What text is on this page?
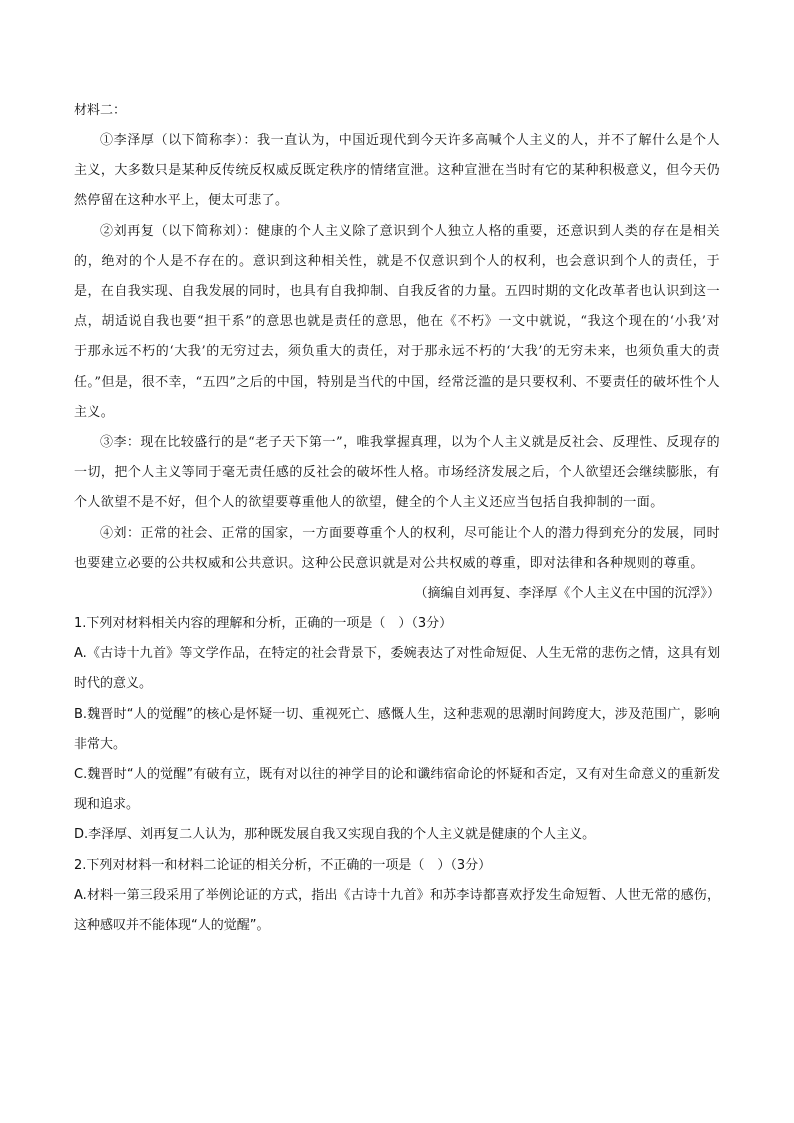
材料二：

①李泽厚（以下简称李）：我一直认为，中国近现代到今天许多高喊个人主义的人，并不了解什么是个人主义，大多数只是某种反传统反权威反既定秩序的情绪宣泄。这种宣泄在当时有它的某种积极意义，但今天仍然停留在这种水平上，便太可悲了。

②刘再复（以下简称刘）：健康的个人主义除了意识到个人独立人格的重要，还意识到人类的存在是相关的，绝对的个人是不存在的。意识到这种相关性，就是不仅意识到个人的权利，也会意识到个人的责任，于是，在自我实现、自我发展的同时，也具有自我抑制、自我反省的力量。五四时期的文化改革者也认识到这一点，胡适说自我也要“担干系”的意思也就是责任的意思，他在《不朽》一文中就说，“我这个现在的‘小我’对于那永远不朽的‘大我’的无穷过去，须负重大的责任，对于那永远不朽的‘大我’的无穷未来，也须负重大的责任。”但是，很不幸，“五四”之后的中国，特别是当代的中国，经常泛滥的是只要权利、不要责任的破坏性个人主义。

③李：现在比较盛行的是“老子天下第一”，唯我掌握真理，以为个人主义就是反社会、反理性、反现存的一切，把个人主义等同于毫无责任感的反社会的破坏性人格。市场经济发展之后，个人欲望还会继续膨胀，有个人欲望不是不好，但个人的欲望要尊重他人的欲望，健全的个人主义还应当包括自我抑制的一面。

④刘：正常的社会、正常的国家，一方面要尊重个人的权利，尽可能让个人的潜力得到充分的发展，同时也要建立必要的公共权威和公共意识。这种公民意识就是对公共权威的尊重，即对法律和各种规则的尊重。

（摘编自刘再复、李泽厚《个人主义在中国的沉浮》）

1.下列对材料相关内容的理解和分析，正确的一项是（　）（3分）

A.《古诗十九首》等文学作品，在特定的社会背景下，委婉表达了对性命短促、人生无常的悲伤之情，这具有划时代的意义。

B.魏晋时“人的觉醒”的核心是怀疑一切、重视死亡、感慨人生，这种悲观的思潮时间跨度大，涉及范围广，影响非常大。

C.魏晋时“人的觉醒”有破有立，既有对以往的神学目的论和谶纬宿命论的怀疑和否定，又有对生命意义的重新发现和追求。

D.李泽厚、刘再复二人认为，那种既发展自我又实现自我的个人主义就是健康的个人主义。

2.下列对材料一和材料二论证的相关分析，不正确的一项是（　）（3分）

A.材料一第三段采用了举例论证的方式，指出《古诗十九首》和苏李诗都喜欢抒发生命短暂、人世无常的感伤，这种感叹并不能体现“人的觉醒”。
